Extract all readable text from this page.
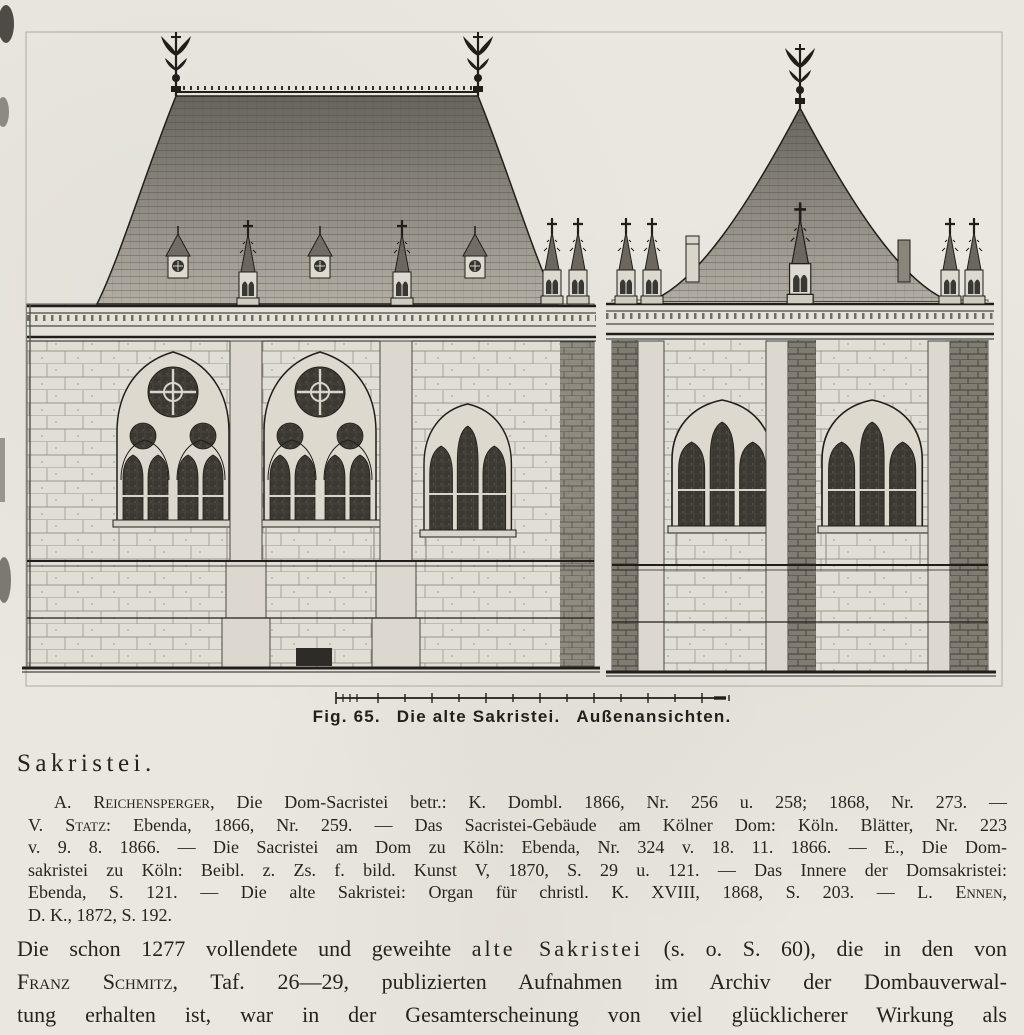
Fig. 65. Die alte Sakristei. Außenansichten.
Sakristei.
A. Reichensperger, Die Dom-Sacristei betr.: K. Dombl. 1866, Nr. 256 u. 258; 1868, Nr. 273. —
V. Statz: Ebenda, 1866, Nr. 259. — Das Sacristei-Gebäude am Kölner Dom: Köln. Blätter, Nr. 223
v. 9. 8. 1866. — Die Sacristei am Dom zu Köln: Ebenda, Nr. 324 v. 18. 11. 1866. — E., Die Dom-
sakristei zu Köln: Beibl. z. Zs. f. bild. Kunst V, 1870, S. 29 u. 121. — Das Innere der Domsakristei:
Ebenda, S. 121. — Die alte Sakristei: Organ für christl. K. XVIII, 1868, S. 203. — L. Ennen,
D. K., 1872, S. 192.
Die schon 1277 vollendete und geweihte alte Sakristei (s. o. S. 60), die in den von
Franz Schmitz, Taf. 26—29, publizierten Aufnahmen im Archiv der Dombauverwal-
tung erhalten ist, war in der Gesamterscheinung von viel glücklicherer Wirkung als
